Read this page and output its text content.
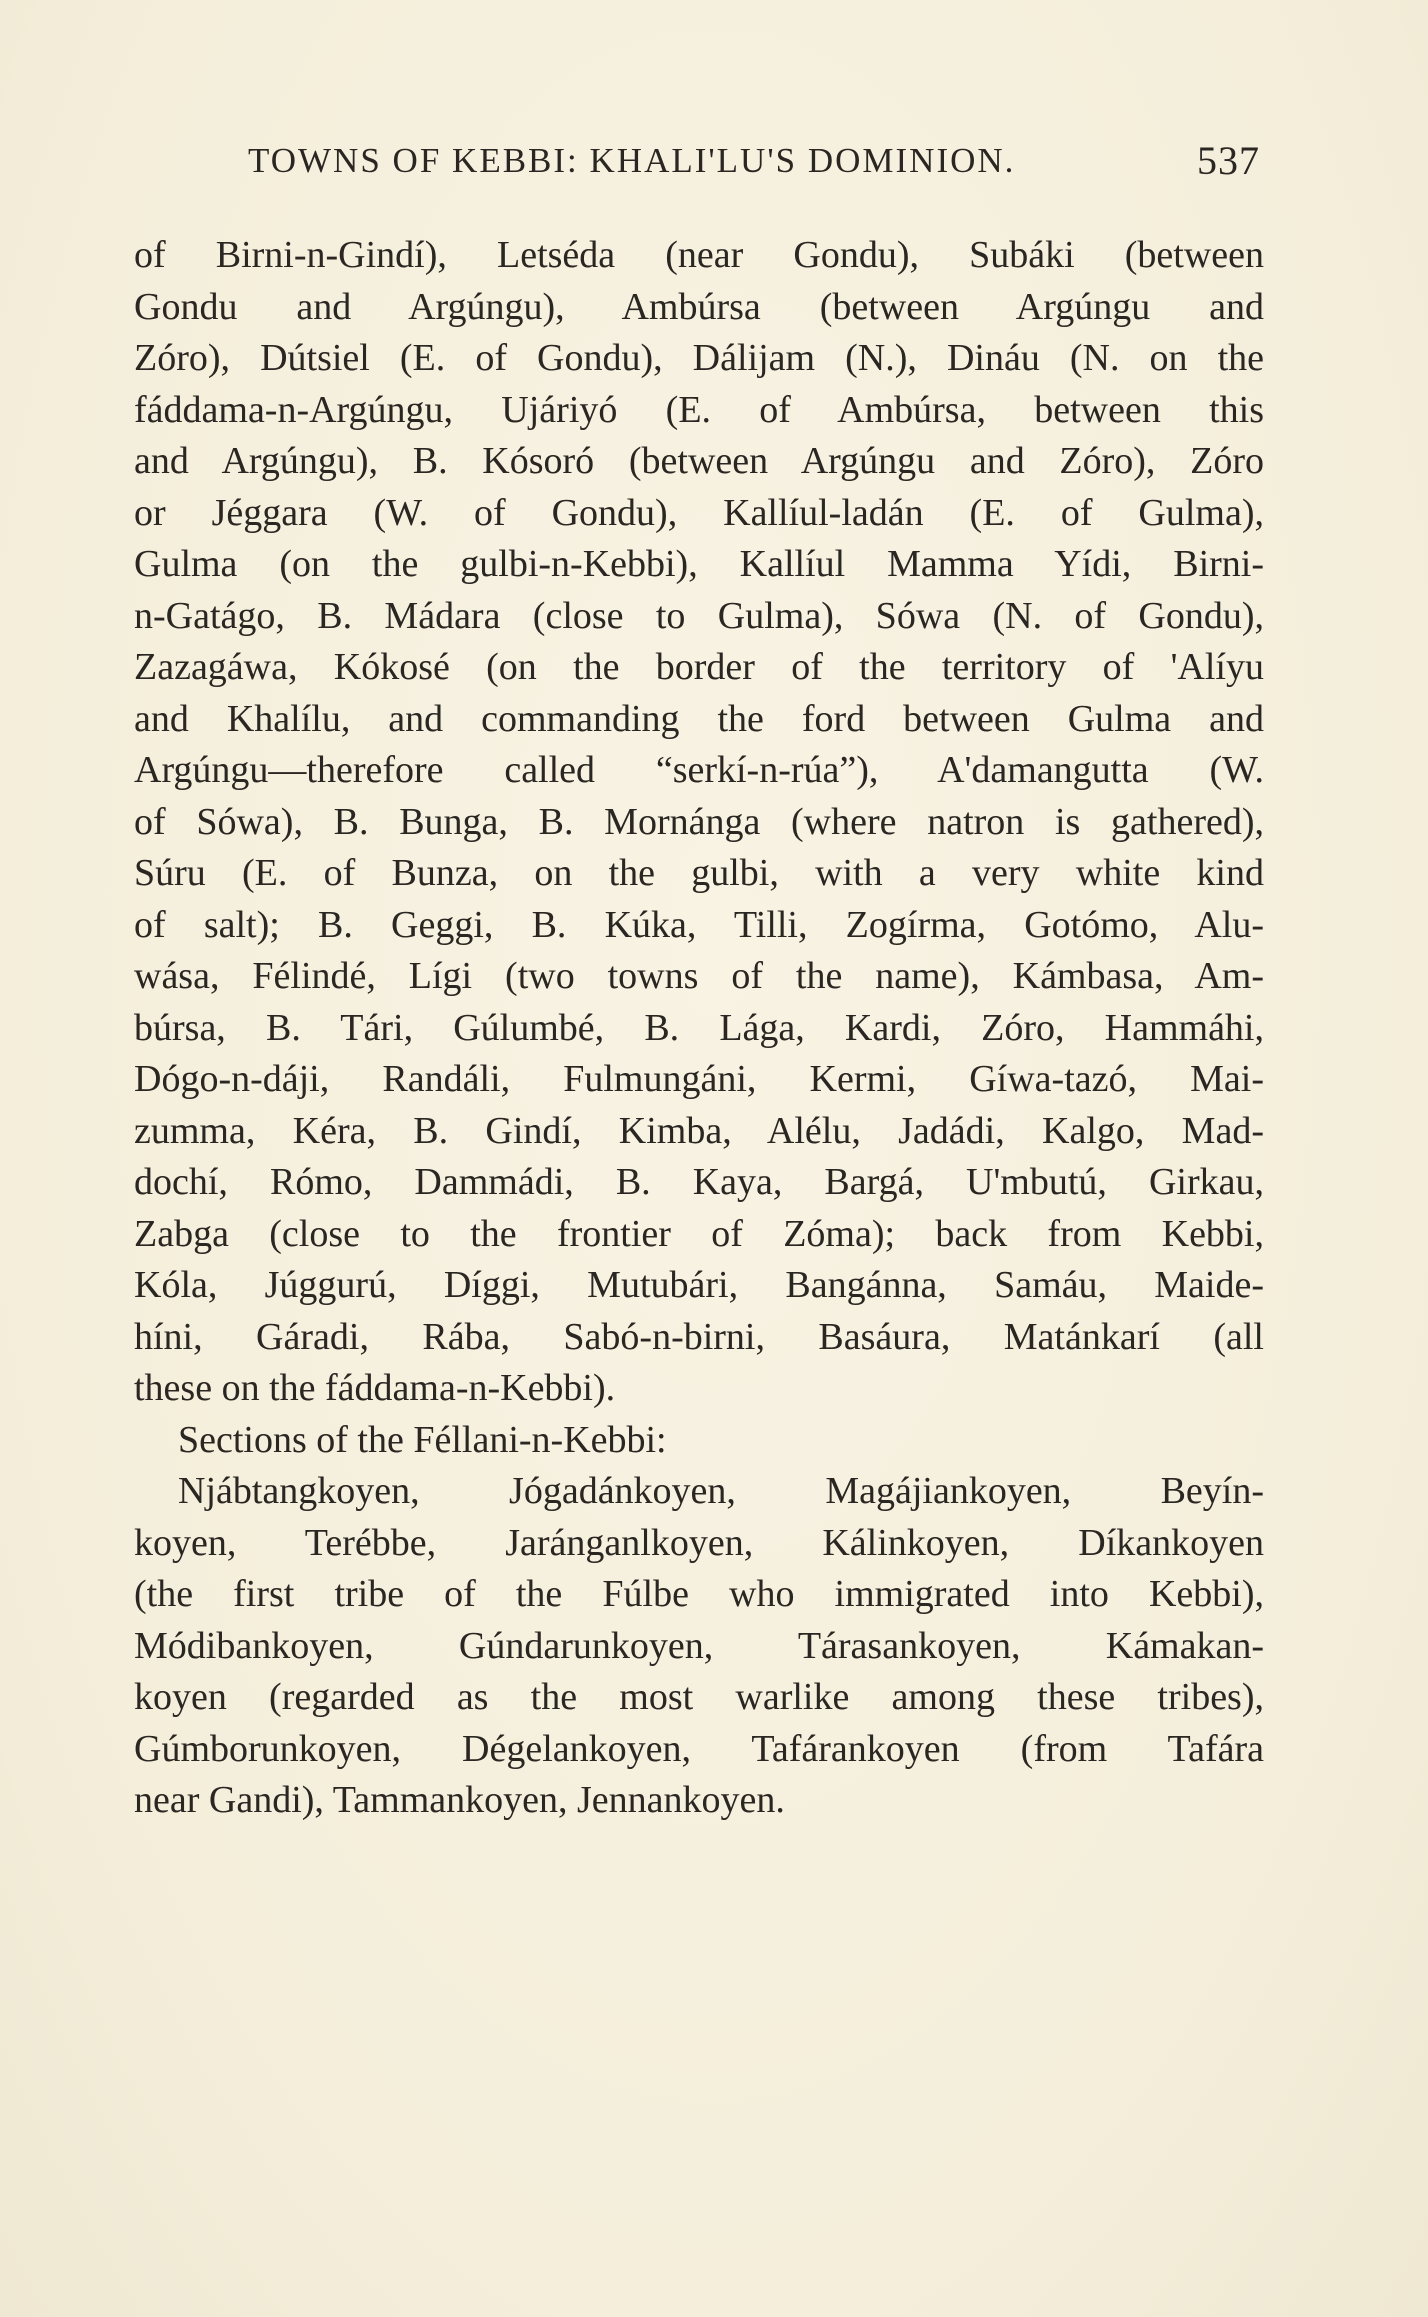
TOWNS OF KEBBI: KHALI'LU'S DOMINION.	537
of Birni-n-Gindí), Letséda (near Gondu), Subáki (between
Gondu and Argúngu), Ambúrsa (between Argúngu and
Zóro), Dútsiel (E. of Gondu), Dálijam (N.), Dináu (N. on the
fáddama-n-Argúngu, Ujáriyó (E. of Ambúrsa, between this
and Argúngu), B. Kósoró (between Argúngu and Zóro), Zóro
or Jéggara (W. of Gondu), Kallíul-ladán (E. of Gulma),
Gulma (on the gulbi-n-Kebbi), Kallíul Mamma Yídi, Birni-
n-Gatágo, B. Mádara (close to Gulma), Sówa (N. of Gondu),
Zazagáwa, Kókosé (on the border of the territory of 'Alíyu
and Khalílu, and commanding the ford between Gulma and
Argúngu—therefore called “serkí-n-rúa”), A'damangutta (W.
of Sówa), B. Bunga, B. Mornánga (where natron is gathered),
Súru (E. of Bunza, on the gulbi, with a very white kind
of salt); B. Geggi, B. Kúka, Tilli, Zogírma, Gotómo, Alu-
wása, Félindé, Lígi (two towns of the name), Kámbasa, Am-
búrsa, B. Tári, Gúlumbé, B. Lága, Kardi, Zóro, Hammáhi,
Dógo-n-dáji, Randáli, Fulmungáni, Kermi, Gíwa-tazó, Mai-
zumma, Kéra, B. Gindí, Kimba, Alélu, Jadádi, Kalgo, Mad-
dochí, Rómo, Dammádi, B. Kaya, Bargá, U'mbutú, Girkau,
Zabga (close to the frontier of Zóma); back from Kebbi,
Kóla, Júggurú, Díggi, Mutubári, Bangánna, Samáu, Maide-
híni, Gáradi, Rába, Sabó-n-birni, Basáura, Matánkarí (all
these on the fáddama-n-Kebbi).
Sections of the Féllani-n-Kebbi:
Njábtangkoyen, Jógadánkoyen, Magájiankoyen, Beyín-
koyen, Terébbe, Jaránganlkoyen, Kálinkoyen, Díkankoyen
(the first tribe of the Fúlbe who immigrated into Kebbi),
Módibankoyen, Gúndarunkoyen, Tárasankoyen, Kámakan-
koyen (regarded as the most warlike among these tribes),
Gúmborunkoyen, Dégelankoyen, Tafárankoyen (from Tafára
near Gandi), Tammankoyen, Jennankoyen.
